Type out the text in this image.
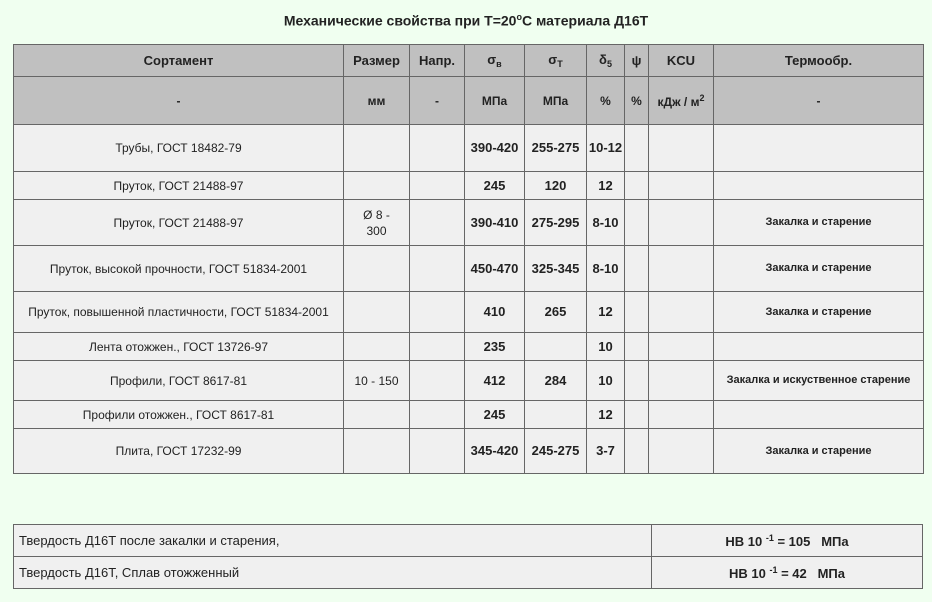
Механические свойства при $T=20^oC$ материала Д16Т
Сортамент	Размер	Напр.	$\sigma_в$	$\sigma_T$	$\delta_5$	ψ	KCU	Термообр.
-	мм	-	МПа	МПа	%	%	кДж / $м^2$	-
Трубы, ГОСТ 18482-79			390-420	255-275	10-12			
Пруток, ГОСТ 21488-97			245	120	12			
Пруток, ГОСТ 21488-97	Ø 8 - 300		390-410	275-295	8-10			Закалка и старение
Пруток, высокой прочности, ГОСТ 51834-2001			450-470	325-345	8-10			Закалка и старение
Пруток, повышенной пластичности, ГОСТ 51834-2001			410	265	12			Закалка и старение
Лента отожжен., ГОСТ 13726-97			235		10			
Профили, ГОСТ 8617-81	10 - 150		412	284	10			Закалка и искуственное старение
Профили отожжен., ГОСТ 8617-81			245		12			
Плита, ГОСТ 17232-99			345-420	245-275	3-7			Закалка и старение
Твердость Д16Т после закалки и старения,	HB 10 $^{-1}$ = 105   МПа
Твердость Д16Т, Сплав отожженный	HB 10 $^{-1}$ = 42   МПа
